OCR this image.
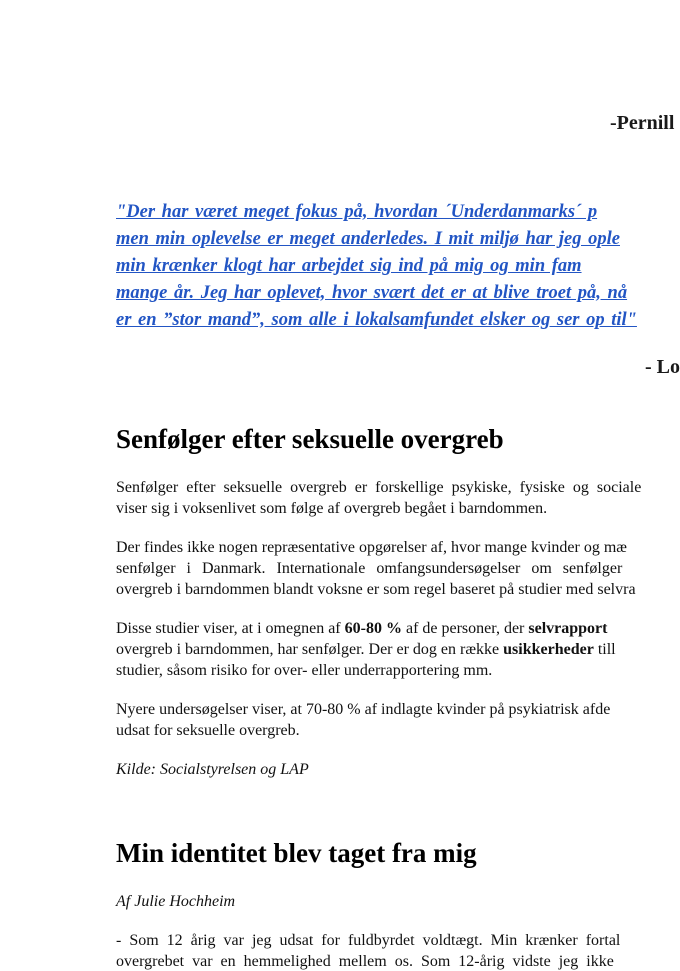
-Pernill
"Der har været meget fokus på, hvordan ´Underdanmarks´ p
men min oplevelse er meget anderledes. I mit miljø har jeg ople
min krænker klogt har arbejdet sig ind på mig og min fam
mange år. Jeg har oplevet, hvor svært det er at blive troet på, nå
er en ”stor mand”, som alle i lokalsamfundet elsker og ser op til"
- Lo
Senfølger efter seksuelle overgreb
Senfølger efter seksuelle overgreb er forskellige psykiske, fysiske og sociale
viser sig i voksenlivet som følge af overgreb begået i barndommen.
Der findes ikke nogen repræsentative opgørelser af, hvor mange kvinder og mæ
senfølger i Danmark. Internationale omfangsundersøgelser om senfølger
overgreb i barndommen blandt voksne er som regel baseret på studier med selvra
Disse studier viser, at i omegnen af 60-80 % af de personer, der selvrapport
overgreb i barndommen, har senfølger. Der er dog en række usikkerheder till
studier, såsom risiko for over- eller underrapportering mm.
Nyere undersøgelser viser, at 70-80 % af indlagte kvinder på psykiatrisk afde
udsat for seksuelle overgreb.
Kilde: Socialstyrelsen og LAP
Min identitet blev taget fra mig
Af Julie Hochheim
- Som 12 årig var jeg udsat for fuldbyrdet voldtægt. Min krænker fortal
overgrebet var en hemmelighed mellem os. Som 12-årig vidste jeg ikke
